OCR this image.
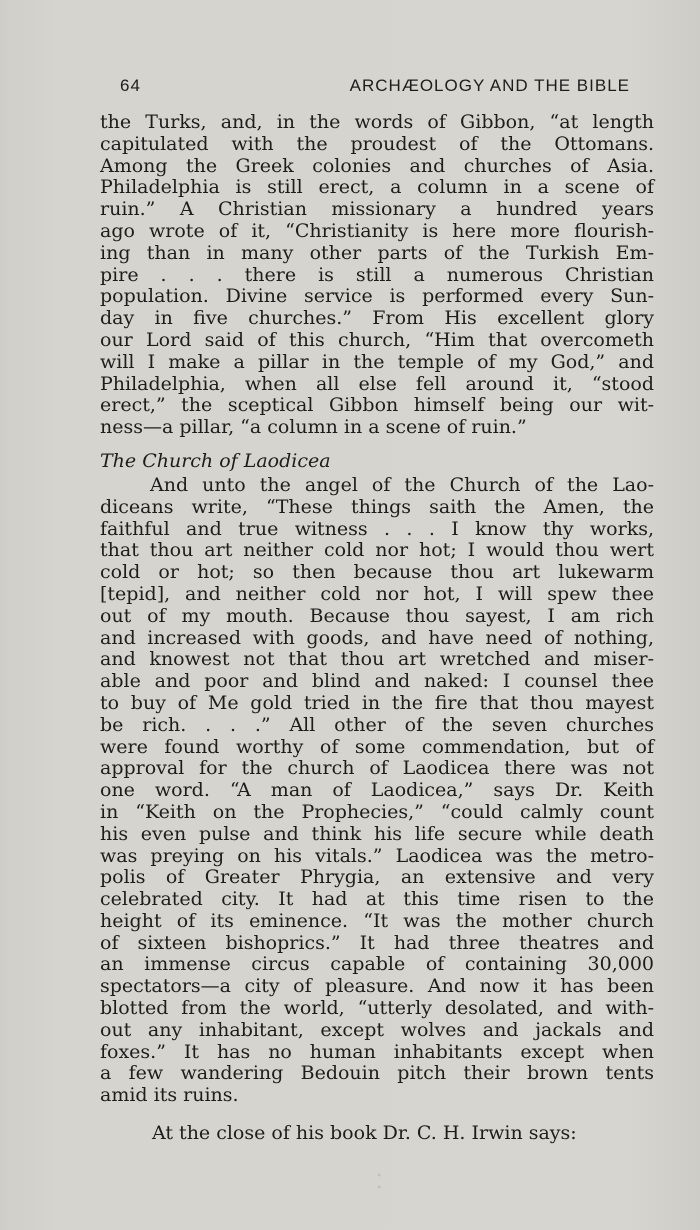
64	ARCHÆOLOGY AND THE BIBLE
the Turks, and, in the words of Gibbon, “at length
capitulated with the proudest of the Ottomans.
Among the Greek colonies and churches of Asia.
Philadelphia is still erect, a column in a scene of
ruin.” A Christian missionary a hundred years
ago wrote of it, “Christianity is here more flourish-
ing than in many other parts of the Turkish Em-
pire . . . there is still a numerous Christian
population. Divine service is performed every Sun-
day in five churches.” From His excellent glory
our Lord said of this church, “Him that overcometh
will I make a pillar in the temple of my God,” and
Philadelphia, when all else fell around it, “stood
erect,” the sceptical Gibbon himself being our wit-
ness—a pillar, “a column in a scene of ruin.”
The Church of Laodicea
And unto the angel of the Church of the Lao-
diceans write, “These things saith the Amen, the
faithful and true witness . . . I know thy works,
that thou art neither cold nor hot; I would thou wert
cold or hot; so then because thou art lukewarm
[tepid], and neither cold nor hot, I will spew thee
out of my mouth. Because thou sayest, I am rich
and increased with goods, and have need of nothing,
and knowest not that thou art wretched and miser-
able and poor and blind and naked: I counsel thee
to buy of Me gold tried in the fire that thou mayest
be rich. . . .” All other of the seven churches
were found worthy of some commendation, but of
approval for the church of Laodicea there was not
one word. “A man of Laodicea,” says Dr. Keith
in “Keith on the Prophecies,” “could calmly count
his even pulse and think his life secure while death
was preying on his vitals.” Laodicea was the metro-
polis of Greater Phrygia, an extensive and very
celebrated city. It had at this time risen to the
height of its eminence. “It was the mother church
of sixteen bishoprics.” It had three theatres and
an immense circus capable of containing 30,000
spectators—a city of pleasure. And now it has been
blotted from the world, “utterly desolated, and with-
out any inhabitant, except wolves and jackals and
foxes.” It has no human inhabitants except when
a few wandering Bedouin pitch their brown tents
amid its ruins.
At the close of his book Dr. C. H. Irwin says:
•
•
